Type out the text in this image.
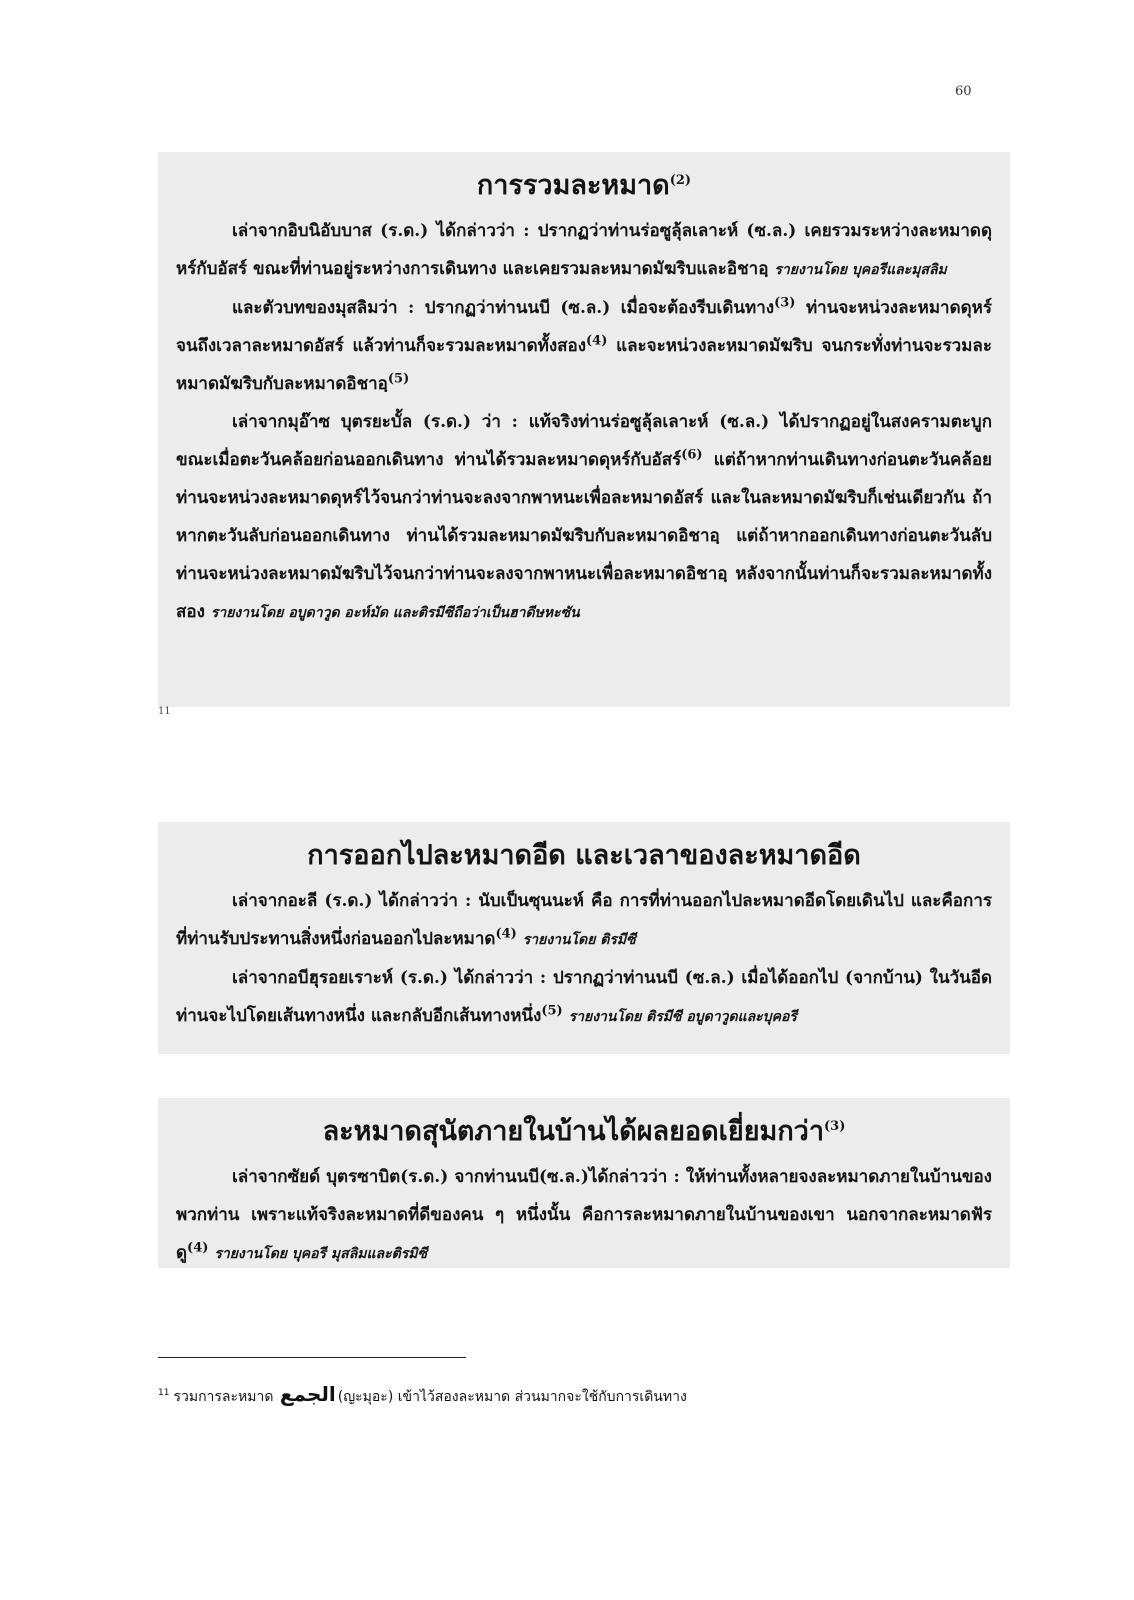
60
การรวมละหมาด$^{(2)}$

เล่าจากอิบนิอับบาส (ร.ด.) ได้กล่าวว่า : ปรากฏว่าท่านร่อซูลุ้ลเลาะห์ (ซ.ล.) เคยรวมระหว่างละหมาดดุหร์กับอัสร์ ขณะที่ท่านอยู่ระหว่างการเดินทาง และเคยรวมละหมาดมัฆริบและอิชาอฺ รายงานโดย บุคอรีและมุสลิม

และตัวบทของมุสลิมว่า : ปรากฏว่าท่านนบี (ซ.ล.) เมื่อจะต้องรีบเดินทาง$^{(3)}$ ท่านจะหน่วงละหมาดดุหร์จนถึงเวลาละหมาดอัสร์ แล้วท่านก็จะรวมละหมาดทั้งสอง$^{(4)}$ และจะหน่วงละหมาดมัฆริบ จนกระทั่งท่านจะรวมละหมาดมัฆริบกับละหมาดอิชาอฺ$^{(5)}$

เล่าจากมุอ๊าซ บุตรยะบั้ล (ร.ด.) ว่า : แท้จริงท่านร่อซูลุ้ลเลาะห์ (ซ.ล.) ได้ปรากฏอยู่ในสงครามตะบูก ขณะเมื่อตะวันคล้อยก่อนออกเดินทาง ท่านได้รวมละหมาดดุหร์กับอัสร์$^{(6)}$ แต่ถ้าหากท่านเดินทางก่อนตะวันคล้อย ท่านจะหน่วงละหมาดดุหร์ไว้จนกว่าท่านจะลงจากพาหนะเพื่อละหมาดอัสร์ และในละหมาดมัฆริบก็เช่นเดียวกัน ถ้าหากตะวันลับก่อนออกเดินทาง ท่านได้รวมละหมาดมัฆริบกับละหมาดอิชาอฺ แต่ถ้าหากออกเดินทางก่อนตะวันลับ ท่านจะหน่วงละหมาดมัฆริบไว้จนกว่าท่านจะลงจากพาหนะเพื่อละหมาดอิชาอฺ หลังจากนั้นท่านก็จะรวมละหมาดทั้งสอง รายงานโดย อบูดาวูด อะห์มัด และติรมีซีถือว่าเป็นฮาดีษหะซัน

11
การออกไปละหมาดอีด และเวลาของละหมาดอีด

เล่าจากอะลี (ร.ด.) ได้กล่าวว่า : นับเป็นซุนนะห์ คือ การที่ท่านออกไปละหมาดอีดโดยเดินไป และคือการที่ท่านรับประทานสิ่งหนึ่งก่อนออกไปละหมาด$^{(4)}$ รายงานโดย ติรมีซี

เล่าจากอบีฮุรอยเราะห์ (ร.ด.) ได้กล่าวว่า : ปรากฏว่าท่านนบี (ซ.ล.) เมื่อได้ออกไป (จากบ้าน) ในวันอีด ท่านจะไปโดยเส้นทางหนึ่ง และกลับอีกเส้นทางหนึ่ง$^{(5)}$ รายงานโดย ติรมีซี อบูดาวูดและบุคอรี

ละหมาดสุนัตภายในบ้านได้ผลยอดเยี่ยมกว่า$^{(3)}$

เล่าจากซัยด์ บุตรซาบิต(ร.ด.) จากท่านนบี(ซ.ล.)ได้กล่าวว่า : ให้ท่านทั้งหลายจงละหมาดภายในบ้านของพวกท่าน เพราะแท้จริงละหมาดที่ดีของคน ๆ หนึ่งนั้น คือการละหมาดภายในบ้านของเขา นอกจากละหมาดฟัรดู$^{(4)}$ รายงานโดย บุคอรี มุสลิมและติรมิซี

$^{11}$ รวมการละหมาด الجمع (ญะมุอะ) เข้าไว้สองละหมาด ส่วนมากจะใช้กับการเดินทาง
